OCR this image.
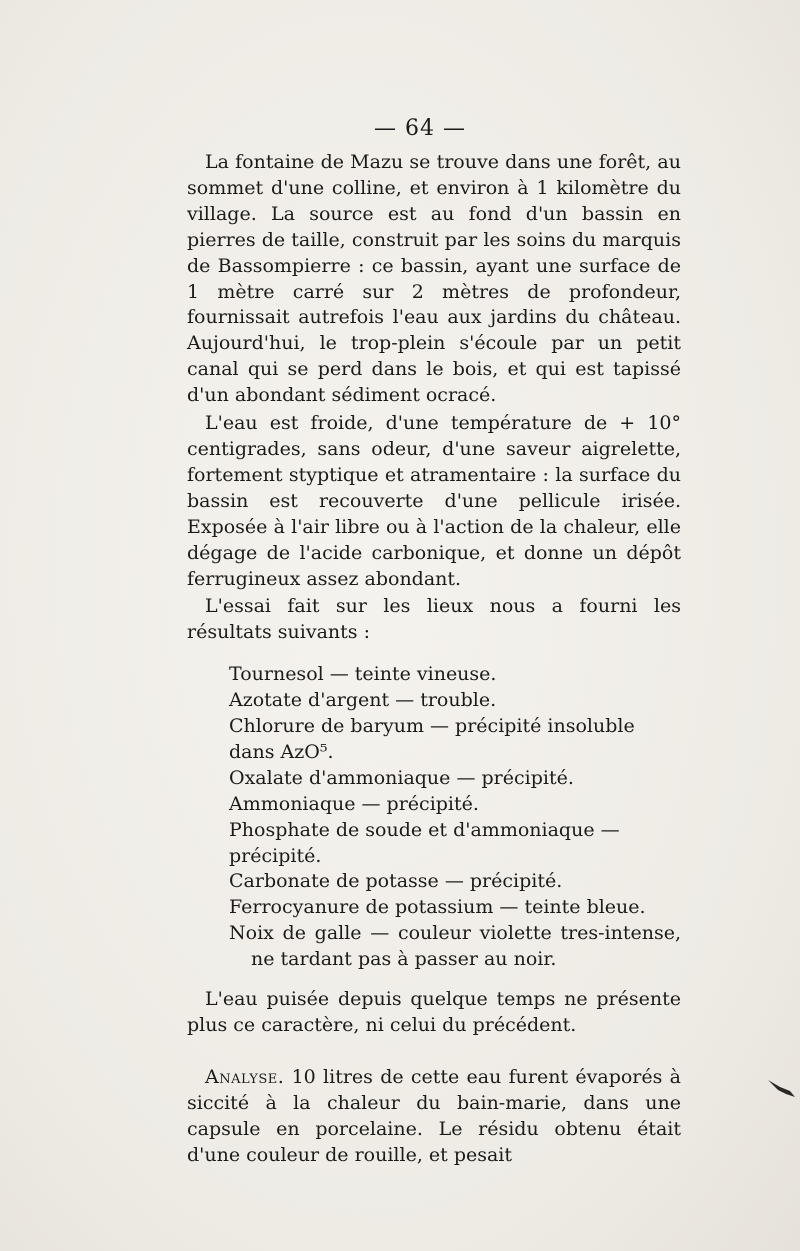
— 64 —

La fontaine de Mazu se trouve dans une forêt, au sommet d'une colline, et environ à 1 kilomètre du village. La source est au fond d'un bassin en pierres de taille, construit par les soins du marquis de Bassompierre : ce bassin, ayant une surface de 1 mètre carré sur 2 mètres de profondeur, fournissait autrefois l'eau aux jardins du château. Aujourd'hui, le trop-plein s'écoule par un petit canal qui se perd dans le bois, et qui est tapissé d'un abondant sédiment ocracé.

L'eau est froide, d'une température de + 10° centigrades, sans odeur, d'une saveur aigrelette, fortement styptique et atramentaire : la surface du bassin est recouverte d'une pellicule irisée. Exposée à l'air libre ou à l'action de la chaleur, elle dégage de l'acide carbonique, et donne un dépôt ferrugineux assez abondant.

L'essai fait sur les lieux nous a fourni les résultats suivants :

Tournesol — teinte vineuse.
Azotate d'argent — trouble.
Chlorure de baryum — précipité insoluble dans AzO⁵.
Oxalate d'ammoniaque — précipité.
Ammoniaque — précipité.
Phosphate de soude et d'ammoniaque — précipité.
Carbonate de potasse — précipité.
Ferrocyanure de potassium — teinte bleue.
Noix de galle — couleur violette tres-intense, ne tardant pas à passer au noir.

L'eau puisée depuis quelque temps ne présente plus ce caractère, ni celui du précédent.

Analyse. 10 litres de cette eau furent évaporés à siccité à la chaleur du bain-marie, dans une capsule en porcelaine. Le résidu obtenu était d'une couleur de rouille, et pesait
